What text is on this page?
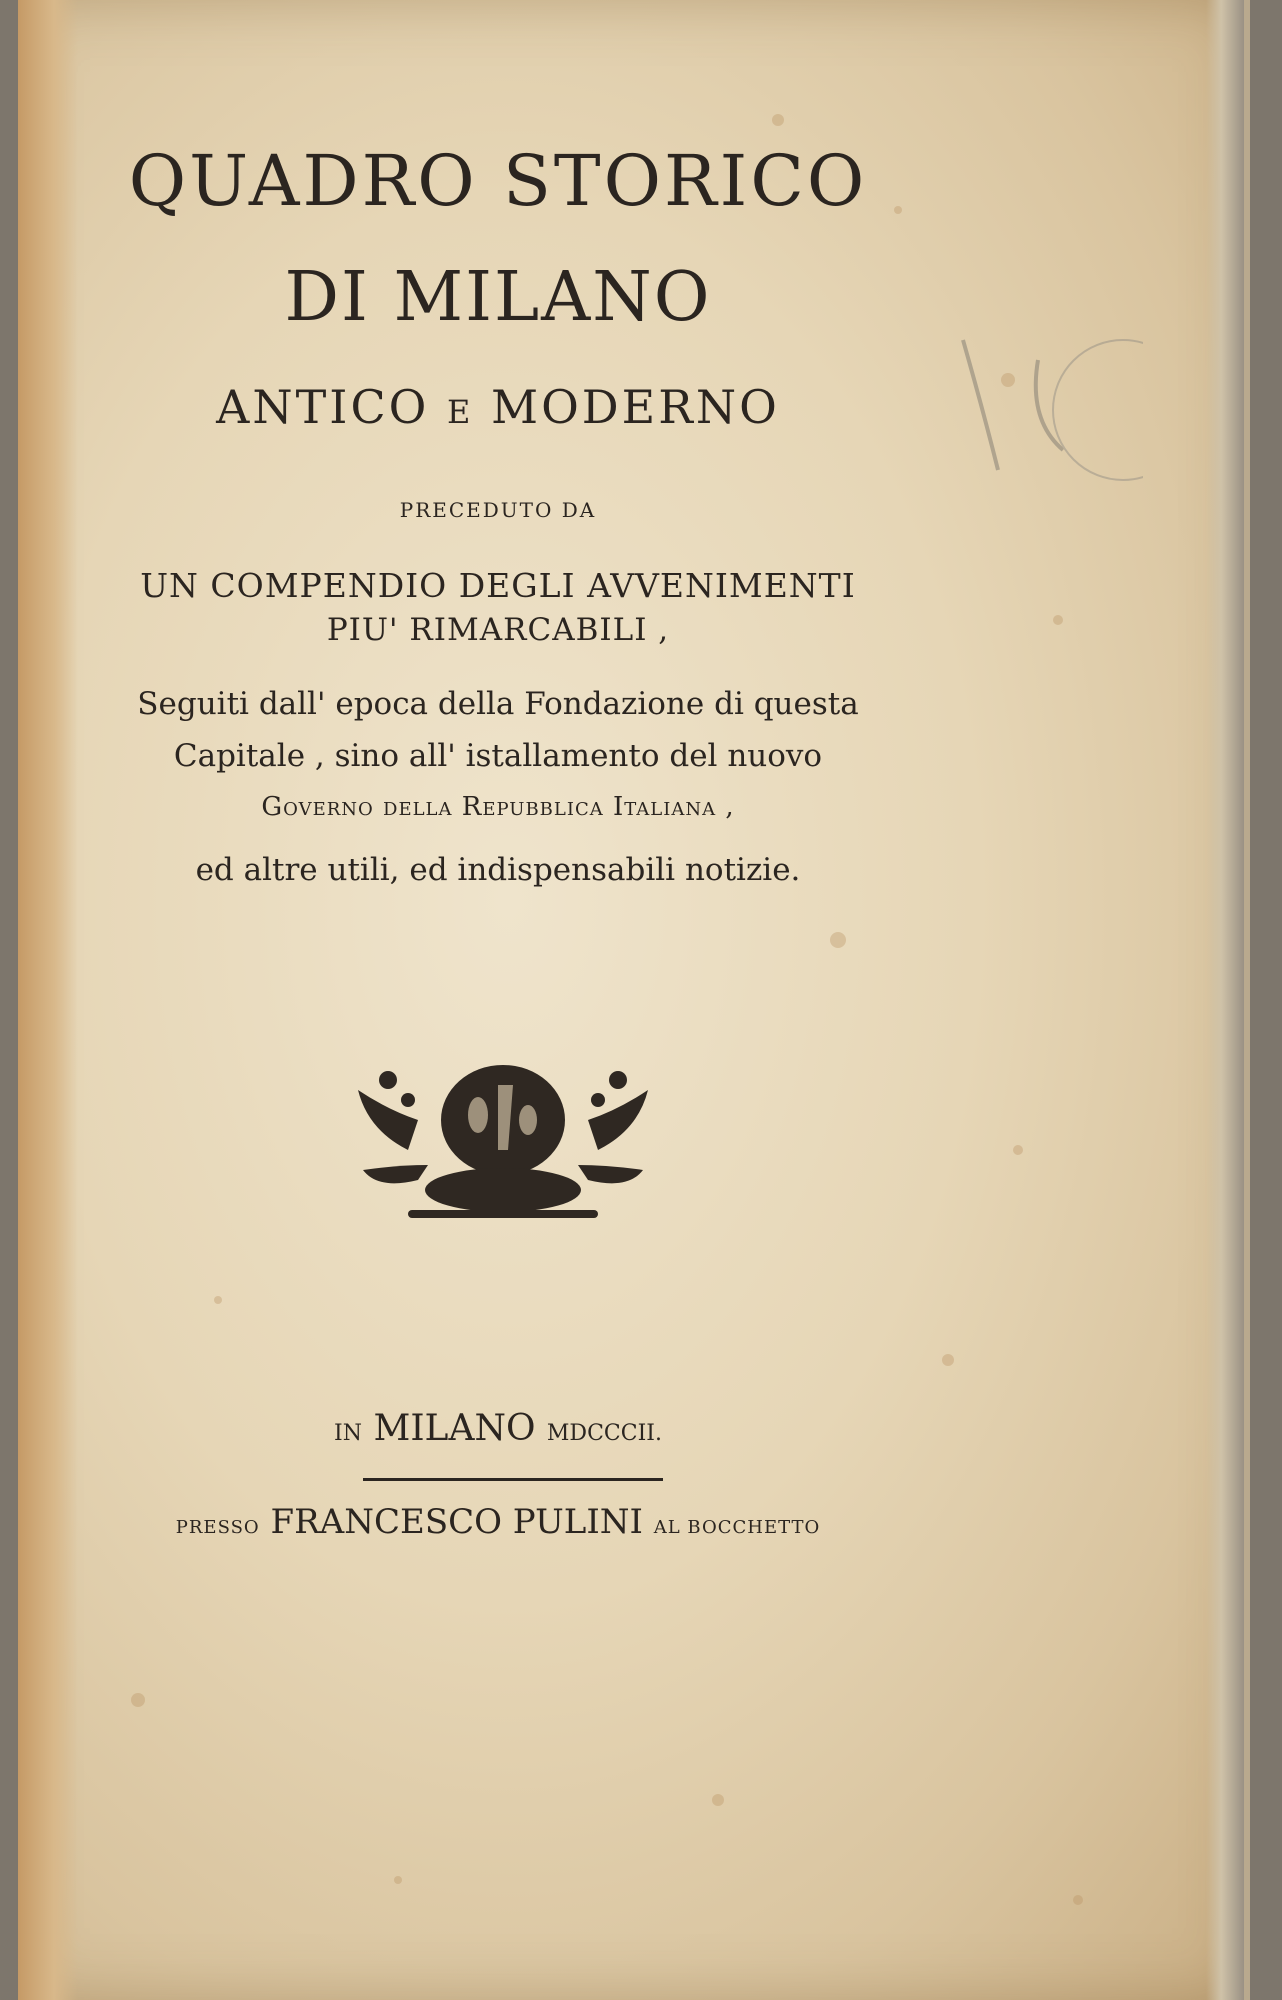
QUADRO STORICO
DI MILANO
ANTICO e MODERNO
PRECEDUTO DA
UN COMPENDIO DEGLI AVVENIMENTI
PIU' RIMARCABILI ,
Seguiti dall' epoca della Fondazione di questa
Capitale , sino all' istallamento del nuovo
Governo della Repubblica Italiana ,
ed altre utili, ed indispensabili notizie.
IN MILANO MDCCCII.
PRESSO FRANCESCO PULINI AL BOCCHETTO
